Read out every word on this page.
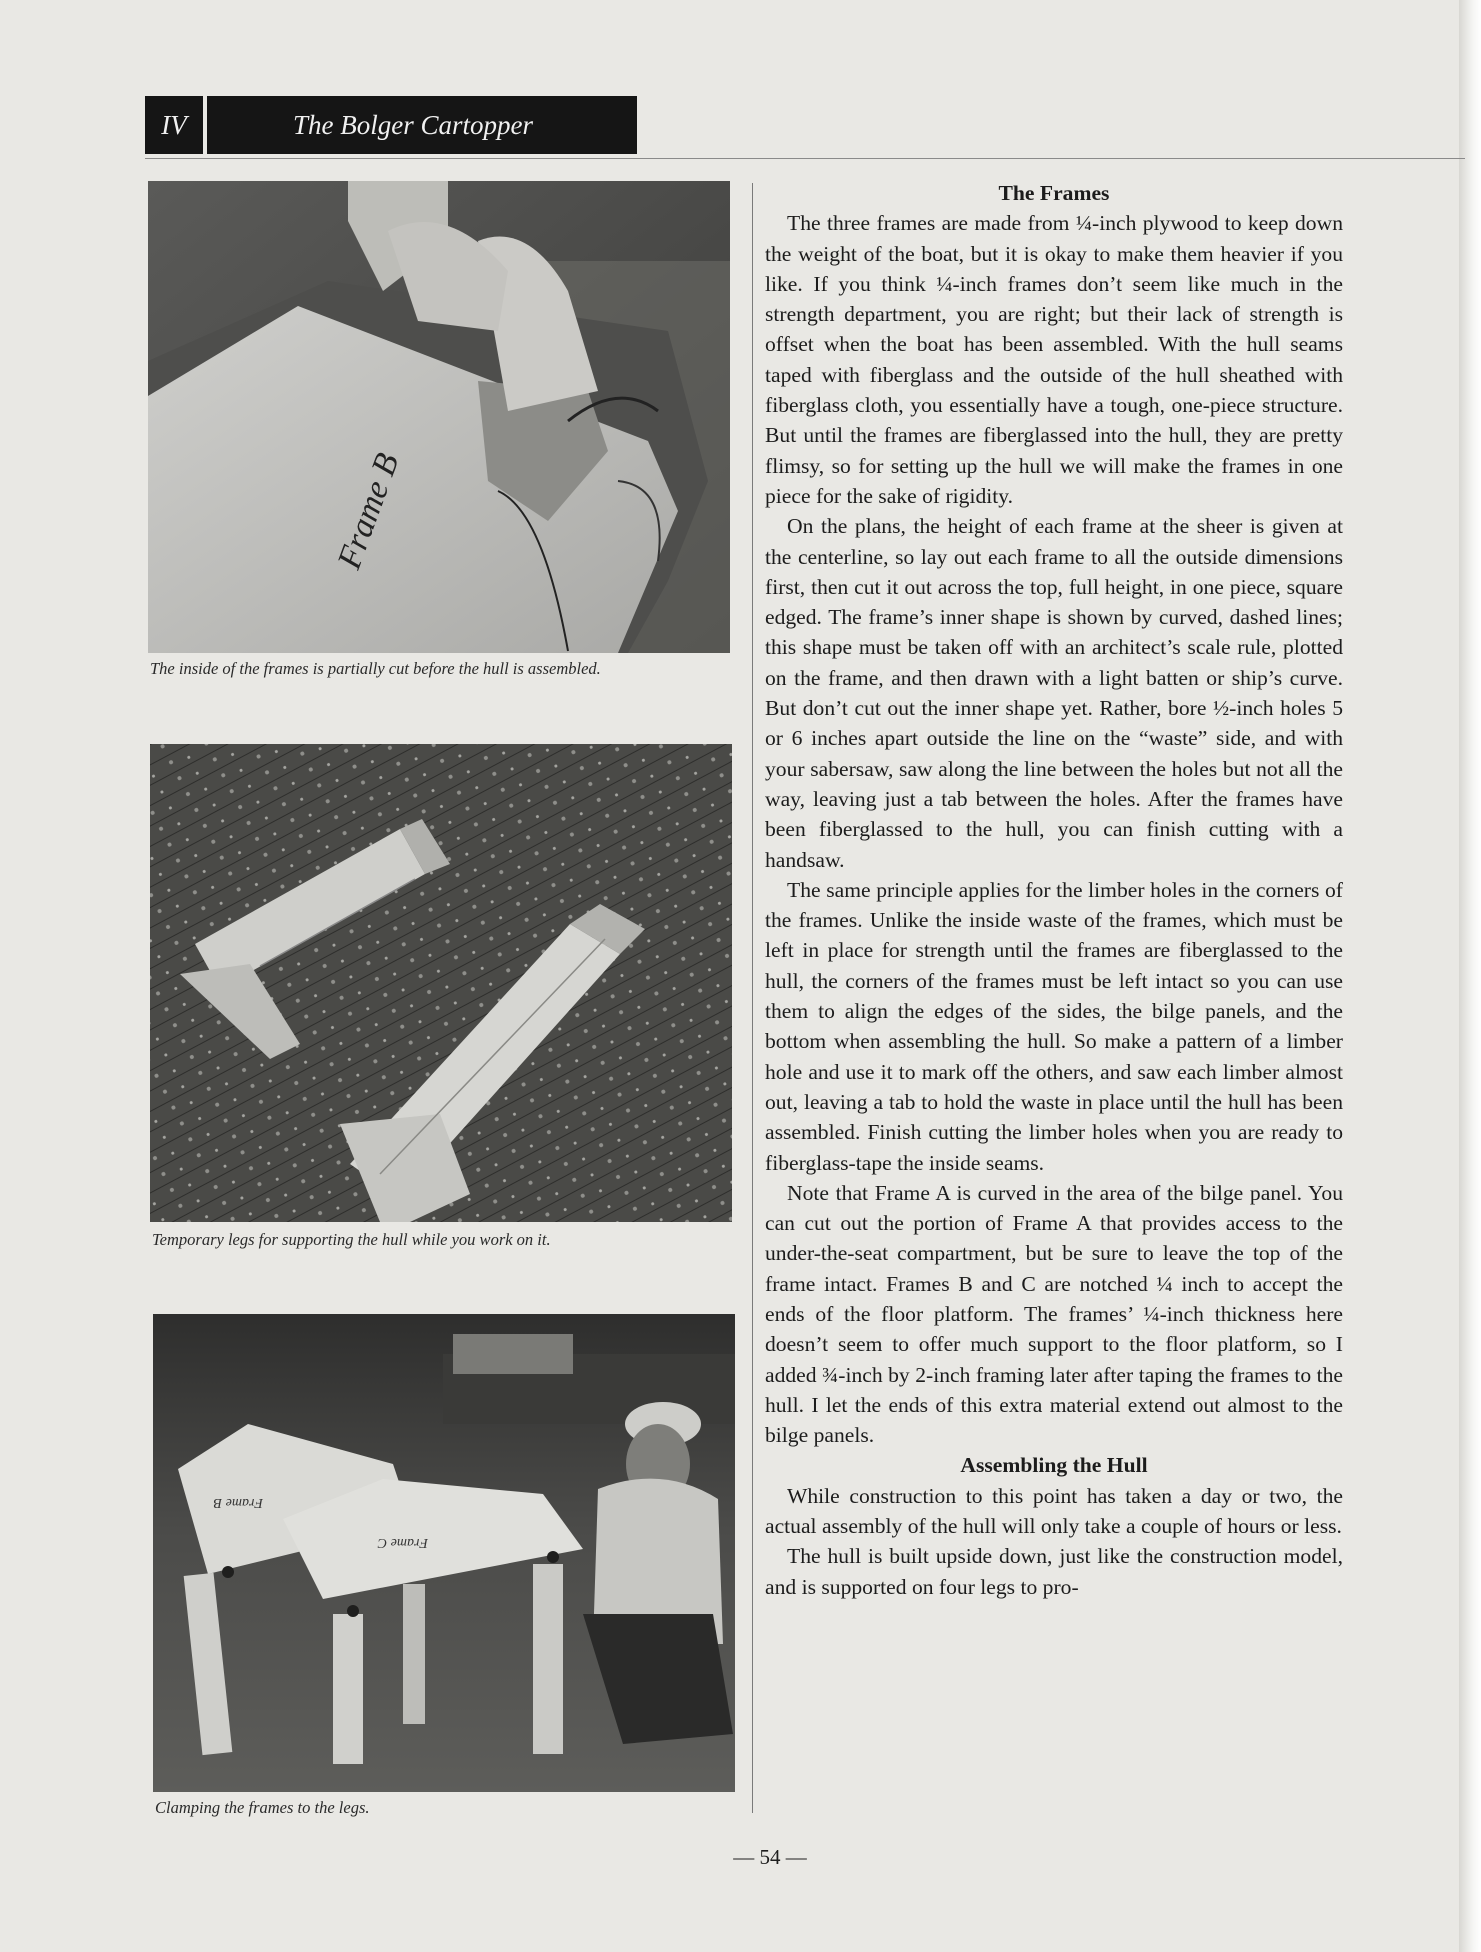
IV	The Bolger Cartopper
Frame B
The inside of the frames is partially cut before the hull is assembled.
Temporary legs for supporting the hull while you work on it.
Frame B
Frame C
Clamping the frames to the legs.
The Frames

The three frames are made from ¼-inch plywood to keep down the weight of the boat, but it is okay to make them heavier if you like. If you think ¼-inch frames don’t seem like much in the strength department, you are right; but their lack of strength is offset when the boat has been assembled. With the hull seams taped with fiberglass and the outside of the hull sheathed with fiberglass cloth, you essentially have a tough, one-piece structure. But until the frames are fiberglassed into the hull, they are pretty flimsy, so for setting up the hull we will make the frames in one piece for the sake of rigidity.

On the plans, the height of each frame at the sheer is given at the centerline, so lay out each frame to all the outside dimensions first, then cut it out across the top, full height, in one piece, square edged. The frame’s inner shape is shown by curved, dashed lines; this shape must be taken off with an architect’s scale rule, plotted on the frame, and then drawn with a light batten or ship’s curve. But don’t cut out the inner shape yet. Rather, bore ½-inch holes 5 or 6 inches apart outside the line on the “waste” side, and with your sabersaw, saw along the line between the holes but not all the way, leaving just a tab between the holes. After the frames have been fiberglassed to the hull, you can finish cutting with a handsaw.

The same principle applies for the limber holes in the corners of the frames. Unlike the inside waste of the frames, which must be left in place for strength until the frames are fiberglassed to the hull, the corners of the frames must be left intact so you can use them to align the edges of the sides, the bilge panels, and the bottom when assembling the hull. So make a pattern of a limber hole and use it to mark off the others, and saw each limber almost out, leaving a tab to hold the waste in place until the hull has been assembled. Finish cutting the limber holes when you are ready to fiberglass-tape the inside seams.

Note that Frame A is curved in the area of the bilge panel. You can cut out the portion of Frame A that provides access to the under-the-seat compartment, but be sure to leave the top of the frame intact. Frames B and C are notched ¼ inch to accept the ends of the floor platform. The frames’ ¼-inch thickness here doesn’t seem to offer much support to the floor platform, so I added ¾-inch by 2-inch framing later after taping the frames to the hull. I let the ends of this extra material extend out almost to the bilge panels.

Assembling the Hull

While construction to this point has taken a day or two, the actual assembly of the hull will only take a couple of hours or less.

The hull is built upside down, just like the construction model, and is supported on four legs to pro-

— 54 —
